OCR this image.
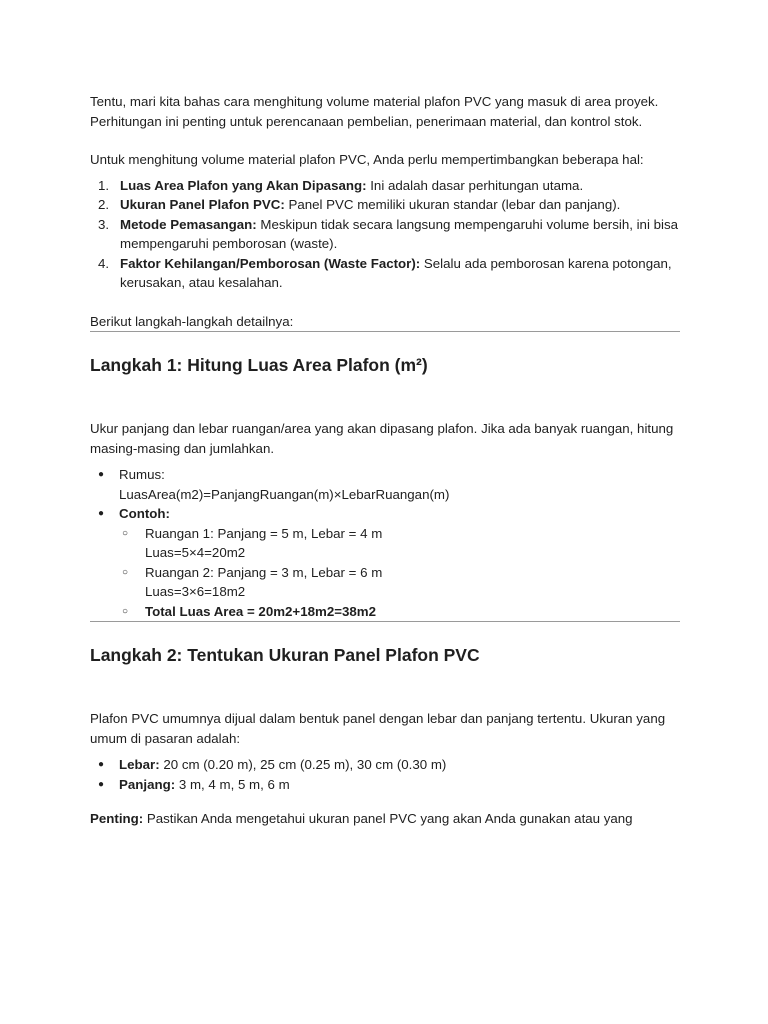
Tentu, mari kita bahas cara menghitung volume material plafon PVC yang masuk di area proyek. Perhitungan ini penting untuk perencanaan pembelian, penerimaan material, dan kontrol stok.

Untuk menghitung volume material plafon PVC, Anda perlu mempertimbangkan beberapa hal:

1. Luas Area Plafon yang Akan Dipasang: Ini adalah dasar perhitungan utama.
2. Ukuran Panel Plafon PVC: Panel PVC memiliki ukuran standar (lebar dan panjang).
3. Metode Pemasangan: Meskipun tidak secara langsung mempengaruhi volume bersih, ini bisa mempengaruhi pemborosan (waste).
4. Faktor Kehilangan/Pemborosan (Waste Factor): Selalu ada pemborosan karena potongan, kerusakan, atau kesalahan.

Berikut langkah-langkah detailnya:

Langkah 1: Hitung Luas Area Plafon (m²)

Ukur panjang dan lebar ruangan/area yang akan dipasang plafon. Jika ada banyak ruangan, hitung masing-masing dan jumlahkan.

● Rumus:
LuasArea(m2)=PanjangRuangan(m)×LebarRuangan(m)
● Contoh:
○ Ruangan 1: Panjang = 5 m, Lebar = 4 m
Luas=5×4=20m2
○ Ruangan 2: Panjang = 3 m, Lebar = 6 m
Luas=3×6=18m2
○ Total Luas Area = 20m2+18m2=38m2
Langkah 2: Tentukan Ukuran Panel Plafon PVC

Plafon PVC umumnya dijual dalam bentuk panel dengan lebar dan panjang tertentu. Ukuran yang umum di pasaran adalah:

● Lebar: 20 cm (0.20 m), 25 cm (0.25 m), 30 cm (0.30 m)
● Panjang: 3 m, 4 m, 5 m, 6 m

Penting: Pastikan Anda mengetahui ukuran panel PVC yang akan Anda gunakan atau yang
